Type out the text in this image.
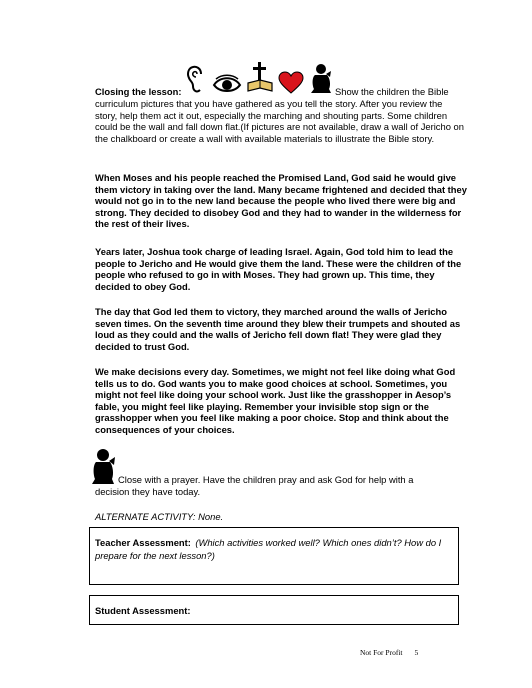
Closing the lesson:	Show the children the Bible
curriculum pictures that you have gathered as you tell the story. After you review the story, help them act it out, especially the marching and shouting parts. Some children could be the wall and fall down flat.(If pictures are not available, draw a wall of Jericho on the chalkboard or create a wall with available materials to illustrate the Bible story.
When Moses and his people reached the Promised Land, God said he would give them victory in taking over the land. Many became frightened and decided that they would not go in to the new land because the people who lived there were big and strong. They decided to disobey God and they had to wander in the wilderness for the rest of their lives.
Years later, Joshua took charge of leading Israel. Again, God told him to lead the people to Jericho and He would give them the land. These were the children of the people who refused to go in with Moses. They had grown up. This time, they decided to obey God.
The day that God led them to victory, they marched around the walls of Jericho seven times. On the seventh time around they blew their trumpets and shouted as loud as they could and the walls of Jericho fell down flat! They were glad they decided to trust God.
We make decisions every day. Sometimes, we might not feel like doing what God tells us to do. God wants you to make good choices at school. Sometimes, you might not feel like doing your school work. Just like the grasshopper in Aesop’s fable, you might feel like playing. Remember your invisible stop sign or the grasshopper when you feel like making a poor choice. Stop and think about the consequences of your choices.
Close with a prayer. Have the children pray and ask God for help with a
decision they have today.
ALTERNATE ACTIVITY: None.
Teacher Assessment: (Which activities worked well? Which ones didn’t? How do I prepare for the next lesson?)
Student Assessment:
Not For Profit 5
